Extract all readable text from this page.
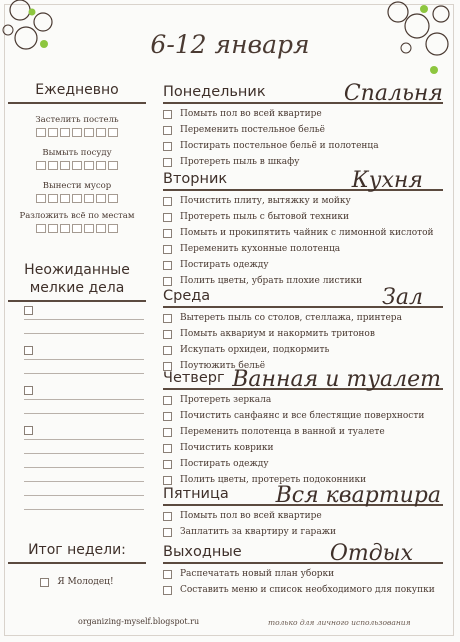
6-12 января
Ежедневно
Застелить постель
Вымыть посуду
Вынести мусор
Разложить всё по местам
Неожиданные
мелкие дела
Итог недели:
Я Молодец!
Понедельник	Спальня
Помыть пол во всей квартире
Переменить постельное бельё
Постирать постельное бельё и полотенца
Протереть пыль в шкафу
Вторник	Кухня
Почистить плиту, вытяжку и мойку
Протереть пыль с бытовой техники
Помыть и прокипятить чайник с лимонной кислотой
Переменить кухонные полотенца
Постирать одежду
Полить цветы, убрать плохие листики
Среда	Зал
Вытереть пыль со столов, стеллажа, принтера
Помыть аквариум и накормить тритонов
Искупать орхидеи, подкормить
Поутюжить бельё
Четверг Ванная и туалет
Протереть зеркала
Почистить санфаянс и все блестящие поверхности
Переменить полотенца в ванной и туалете
Почистить коврики
Постирать одежду
Полить цветы, протереть подоконники
Пятница Вся квартира
Помыть пол во всей квартире
Заплатить за квартиру и гаражи
Выходные	Отдых
Распечатать новый план уборки
Составить меню и список необходимого для покупки
organizing-myself.blogspot.ru	только для личного использования
